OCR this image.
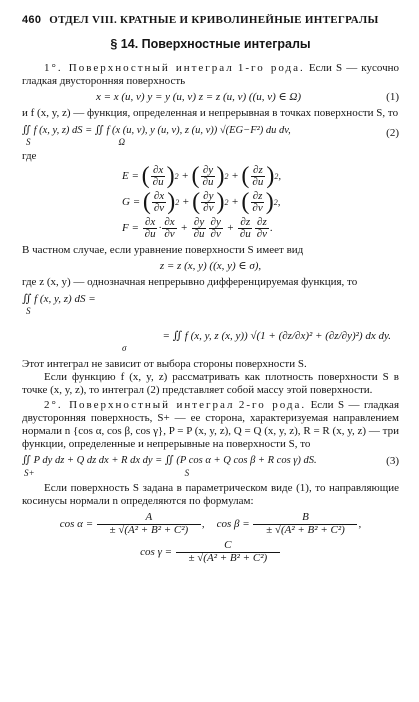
460 ОТДЕЛ VIII. КРАТНЫЕ И КРИВОЛИНЕЙНЫЕ ИНТЕГРАЛЫ
§ 14. Поверхностные интегралы

1°. Поверхностный интеграл 1-го рода. Если S — кусочно гладкая двусторонняя поверхность

x = x (u, v) y = y (u, v) z = z (u, v) ((u, v) ∈ Ω)	(1)

и f (x, y, z) — функция, определенная и непрерывная в точках поверхности S, то

∬ f (x, y, z) dS = ∬ f (x (u, v), y (u, v), z (u, v)) √(EG−F²) du dv,
S	Ω
(2)

где

E =
( $\frac{\partial x}{\partial u}$ ) 2 + ( $\frac{\partial y}{\partial u}$ ) 2 + ( $\frac{\partial z}{\partial u}$ ) 2 ,
G =
( $\frac{\partial x}{\partial v}$ ) 2 + ( $\frac{\partial y}{\partial v}$ ) 2 + ( $\frac{\partial z}{\partial v}$ ) 2 ,
F =
$\frac{\partial x}{\partial u} \cdot \frac{\partial x}{\partial v} + \frac{\partial y}{\partial u} \frac{\partial y}{\partial v} + \frac{\partial z}{\partial u} \frac{\partial z}{\partial v}$ .

В частном случае, если уравнение поверхности S имеет вид

z = z (x, y) ((x, y) ∈ σ),

где z (x, y) — однозначная непрерывно дифференцируемая функция, то

∬ f (x, y, z) dS =
S
= ∬ f (x, y, z (x, y)) √(1 + (∂z/∂x)² + (∂z/∂y)²) dx dy.
σ

Этот интеграл не зависит от выбора стороны поверхности S.

Если функцию f (x, y, z) рассматривать как плотность поверхности S в точке (x, y, z), то интеграл (2) представляет собой массу этой поверхности.

2°. Поверхностный интеграл 2-го рода. Если S — гладкая двусторонняя поверхность, S+ — ее сторона, характеризуемая направлением нормали n {cos α, cos β, cos γ}, P = P (x, y, z), Q = Q (x, y, z), R = R (x, y, z) — три функции, определенные и непрерывные на поверхности S, то

∬ P dy dz + Q dz dx + R dx dy = ∬ (P cos α + Q cos β + R cos γ) dS.	(3)
S+	S

Если поверхность S задана в параметрическом виде (1), то направляющие косинусы нормали n определяются по формулам:

cos α =
$\frac{A}{\text{± √(A² + B² + C²)}}$ , cos β =
$\frac{B}{\text{± √(A² + B² + C²)}}$ ,
cos γ =
$\frac{C}{\text{± √(A² + B² + C²)}}$
